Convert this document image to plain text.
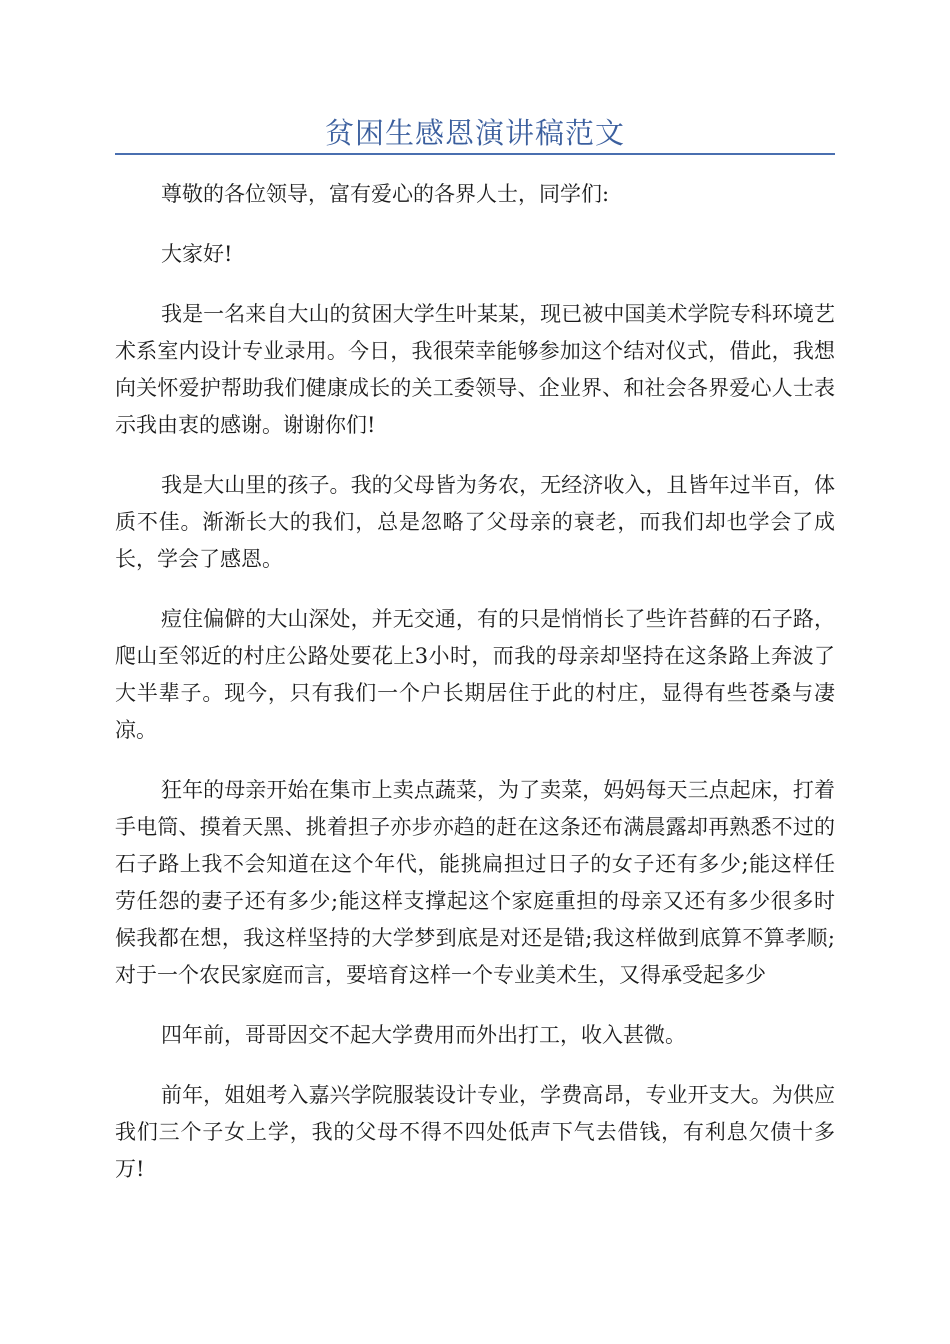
贫困生感恩演讲稿范文

尊敬的各位领导，富有爱心的各界人士，同学们:

大家好!

我是一名来自大山的贫困大学生叶某某，现已被中国美术学院专科环境艺术系室内设计专业录用。今日，我很荣幸能够参加这个结对仪式，借此，我想向关怀爱护帮助我们健康成长的关工委领导、企业界、和社会各界爱心人士表示我由衷的感谢。谢谢你们!

我是大山里的孩子。我的父母皆为务农，无经济收入，且皆年过半百，体质不佳。渐渐长大的我们，总是忽略了父母亲的衰老，而我们却也学会了成长，学会了感恩。

痘住偏僻的大山深处，并无交通，有的只是悄悄长了些许苔藓的石子路，爬山至邻近的村庄公路处要花上3小时，而我的母亲却坚持在这条路上奔波了大半辈子。现今，只有我们一个户长期居住于此的村庄，显得有些苍桑与凄凉。

狂年的母亲开始在集市上卖点蔬菜，为了卖菜，妈妈每天三点起床，打着手电筒、摸着天黑、挑着担子亦步亦趋的赶在这条还布满晨露却再熟悉不过的石子路上我不会知道在这个年代，能挑扁担过日子的女子还有多少;能这样任劳任怨的妻子还有多少;能这样支撑起这个家庭重担的母亲又还有多少很多时候我都在想，我这样坚持的大学梦到底是对还是错;我这样做到底算不算孝顺;对于一个农民家庭而言，要培育这样一个专业美术生，又得承受起多少

四年前，哥哥因交不起大学费用而外出打工，收入甚微。

前年，姐姐考入嘉兴学院服装设计专业，学费高昂，专业开支大。为供应我们三个子女上学，我的父母不得不四处低声下气去借钱，有利息欠债十多万!
